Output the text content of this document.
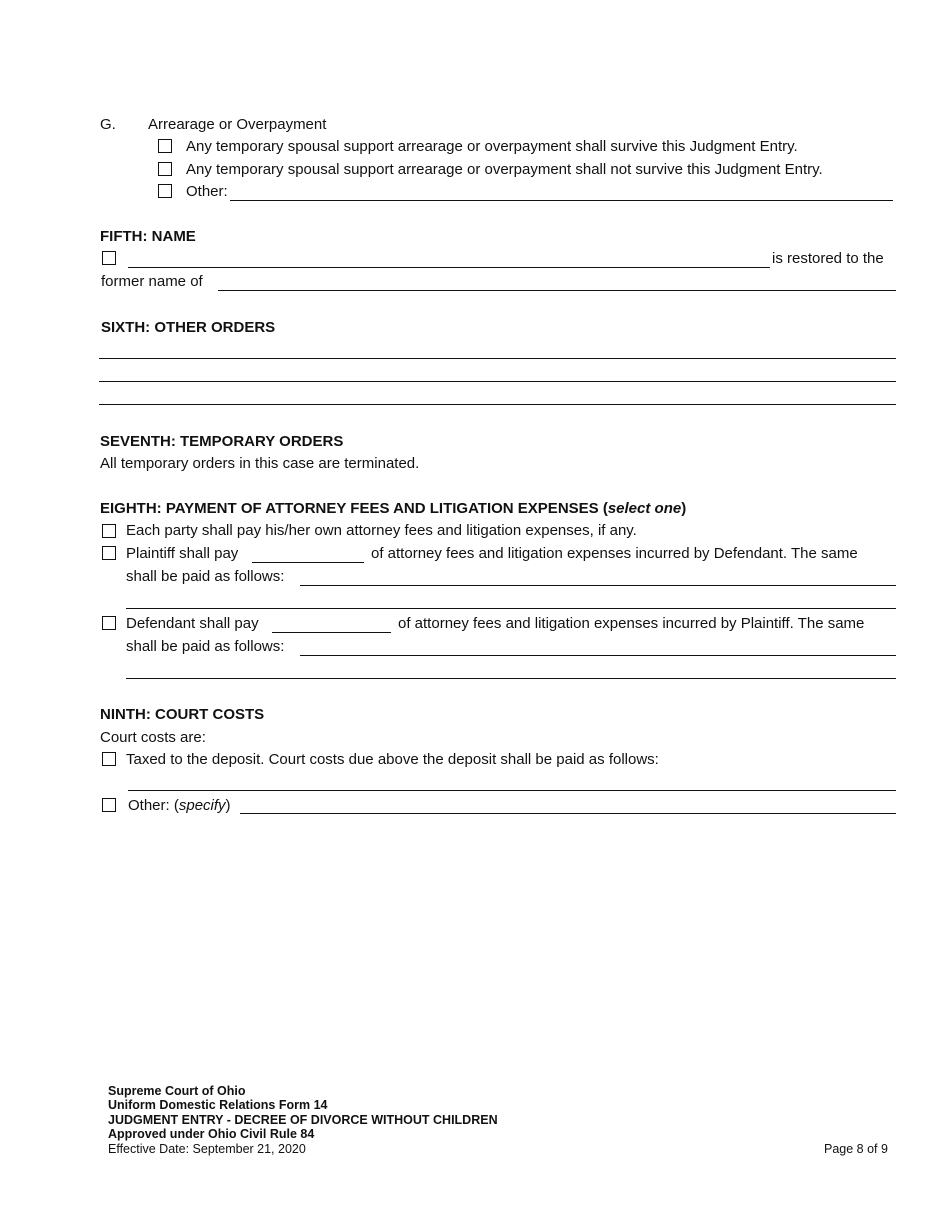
G. Arrearage or Overpayment
Any temporary spousal support arrearage or overpayment shall survive this Judgment Entry.
Any temporary spousal support arrearage or overpayment shall not survive this Judgment Entry.
Other:
FIFTH: NAME
is restored to the
former name of
SIXTH: OTHER ORDERS
SEVENTH: TEMPORARY ORDERS
All temporary orders in this case are terminated.
EIGHTH: PAYMENT OF ATTORNEY FEES AND LITIGATION EXPENSES (select one)
Each party shall pay his/her own attorney fees and litigation expenses, if any.
Plaintiff shall pay	of attorney fees and litigation expenses incurred by Defendant. The same
shall be paid as follows:
Defendant shall pay	of attorney fees and litigation expenses incurred by Plaintiff. The same
shall be paid as follows:
NINTH: COURT COSTS
Court costs are:
Taxed to the deposit. Court costs due above the deposit shall be paid as follows:
Other: (specify)
Supreme Court of Ohio
Uniform Domestic Relations Form 14
JUDGMENT ENTRY - DECREE OF DIVORCE WITHOUT CHILDREN
Approved under Ohio Civil Rule 84
Effective Date: September 21, 2020	Page 8 of 9
